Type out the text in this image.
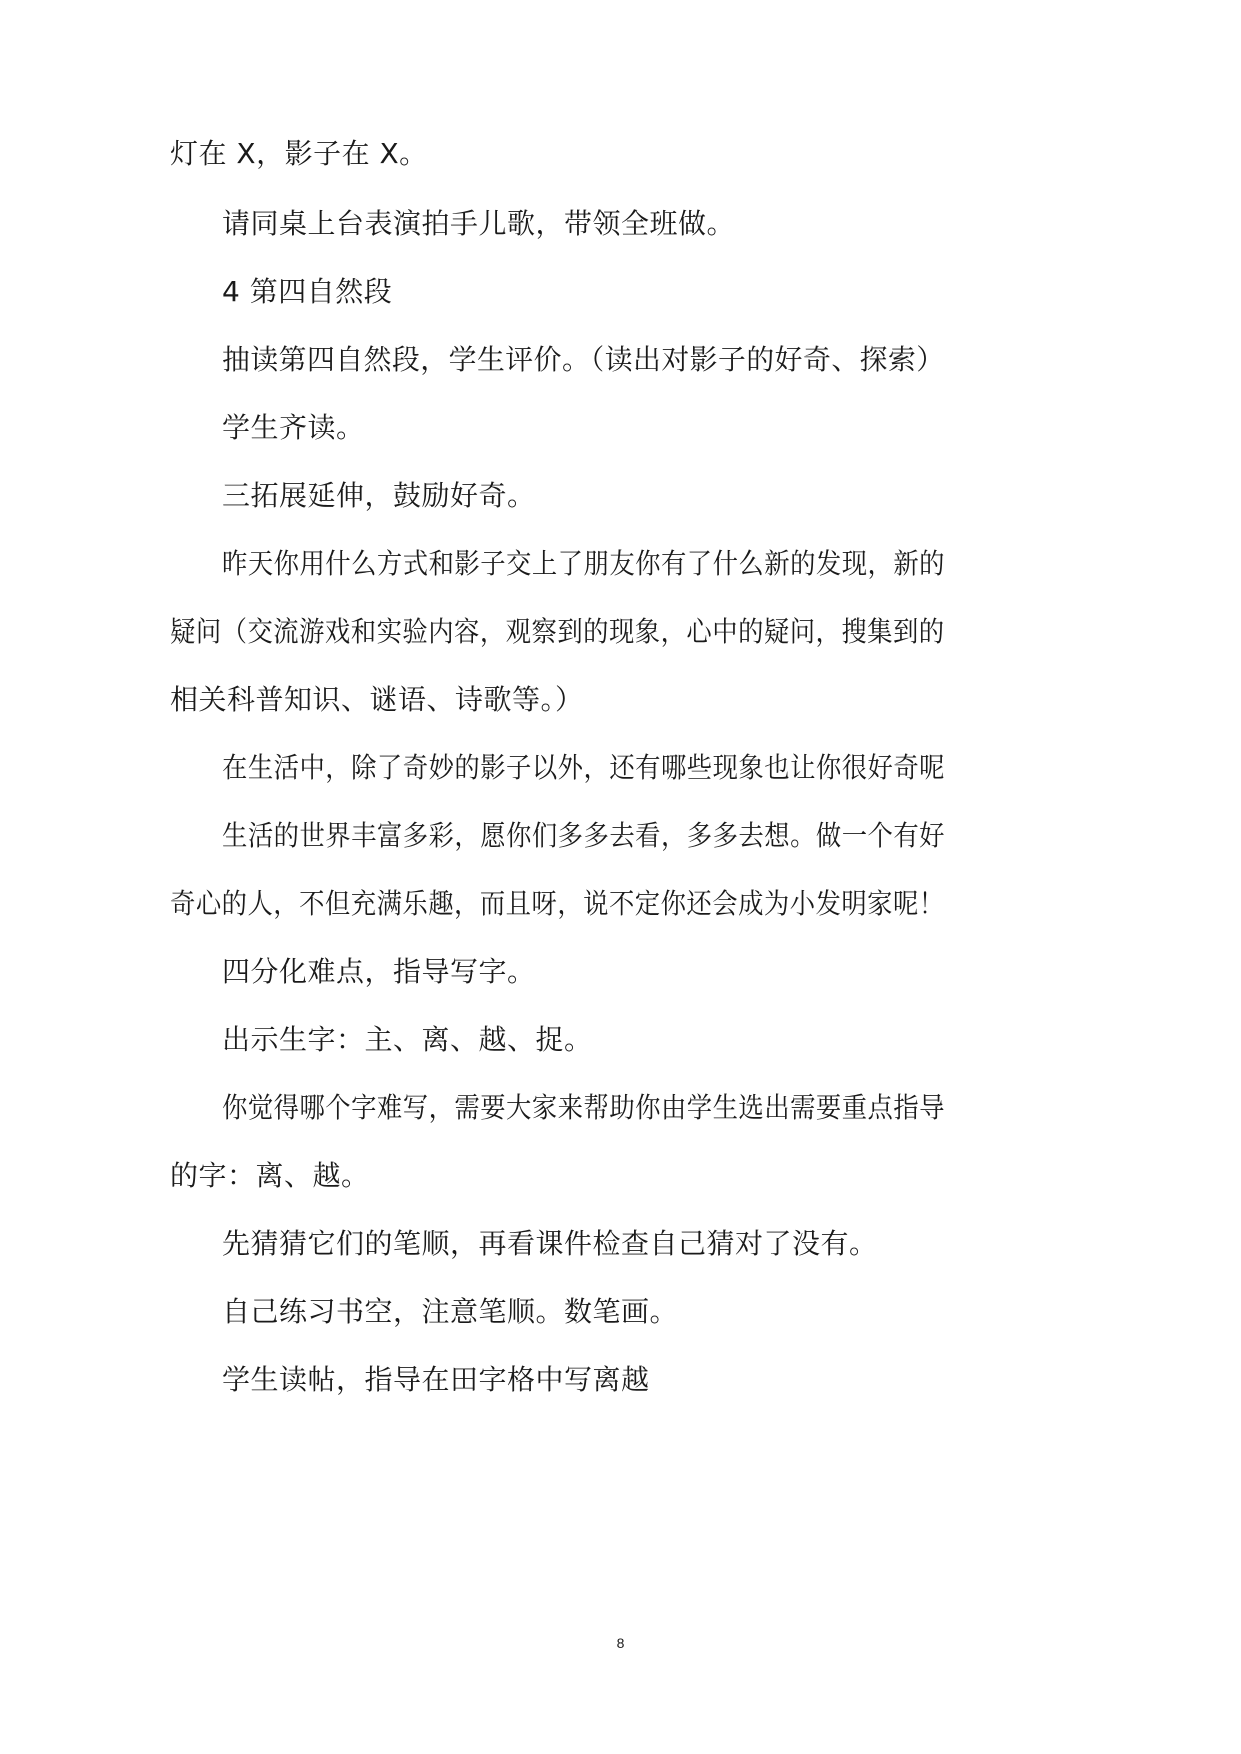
灯在 X，影子在 X。
请同桌上台表演拍手儿歌，带领全班做。
4 第四自然段
抽读第四自然段，学生评价。（读出对影子的好奇、探索）
学生齐读。
三拓展延伸，鼓励好奇。
昨天你用什么方式和影子交上了朋友你有了什么新的发现，新的
疑问（交流游戏和实验内容，观察到的现象，心中的疑问，搜集到的
相关科普知识、谜语、诗歌等。）
在生活中，除了奇妙的影子以外，还有哪些现象也让你很好奇呢
生活的世界丰富多彩，愿你们多多去看，多多去想。做一个有好
奇心的人，不但充满乐趣，而且呀，说不定你还会成为小发明家呢！
四分化难点，指导写字。
出示生字：主、离、越、捉。
你觉得哪个字难写，需要大家来帮助你由学生选出需要重点指导
的字：离、越。
先猜猜它们的笔顺，再看课件检查自己猜对了没有。
自己练习书空，注意笔顺。数笔画。
学生读帖，指导在田字格中写离越
8
